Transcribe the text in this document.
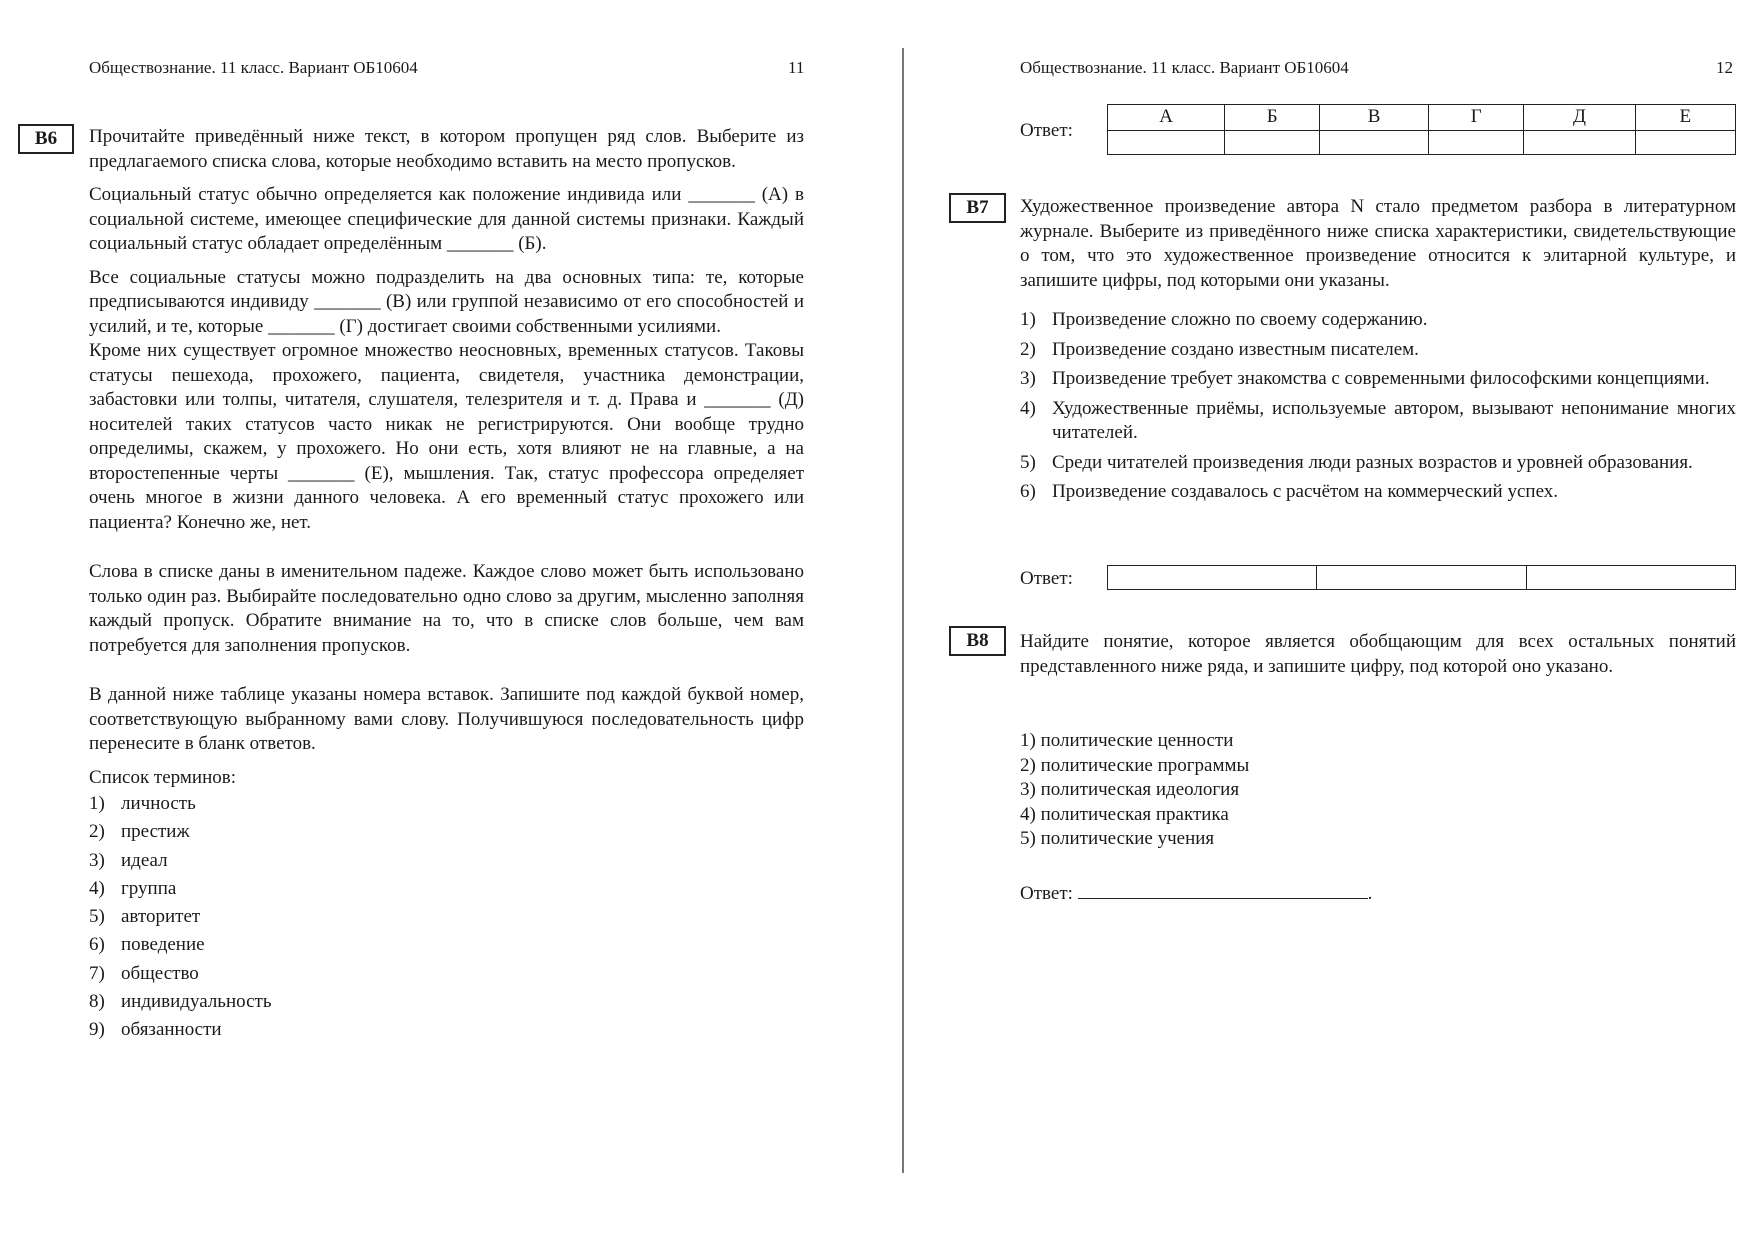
Обществознание. 11 класс. Вариант ОБ10604	11
В6	Прочитайте приведённый ниже текст, в котором пропущен ряд слов. Выберите из предлагаемого списка слова, которые необходимо вставить на место пропусков.

Социальный статус обычно определяется как положение индивида или _______ (А) в социальной системе, имеющее специфические для данной системы признаки. Каждый социальный статус обладает определённым _______ (Б).

Все социальные статусы можно подразделить на два основных типа: те, которые предписываются индивиду _______ (В) или группой независимо от его способностей и усилий, и те, которые _______ (Г) достигает своими собственными усилиями.

Кроме них существует огромное множество неосновных, временных статусов. Таковы статусы пешехода, прохожего, пациента, свидетеля, участника демонстрации, забастовки или толпы, читателя, слушателя, телезрителя и т. д. Права и _______ (Д) носителей таких статусов часто никак не регистрируются. Они вообще трудно определимы, скажем, у прохожего. Но они есть, хотя влияют не на главные, а на второстепенные черты _______ (Е), мышления. Так, статус профессора определяет очень многое в жизни данного человека. А его временный статус прохожего или пациента? Конечно же, нет.

Слова в списке даны в именительном падеже. Каждое слово может быть использовано только один раз. Выбирайте последовательно одно слово за другим, мысленно заполняя каждый пропуск. Обратите внимание на то, что в списке слов больше, чем вам потребуется для заполнения пропусков.

В данной ниже таблице указаны номера вставок. Запишите под каждой буквой номер, соответствующую выбранному вами слову. Получившуюся последовательность цифр перенесите в бланк ответов.

Список терминов:

1) личность
2) престиж
3) идеал
4) группа
5) авторитет
6) поведение
7) общество
8) индивидуальность
9) обязанности
Обществознание. 11 класс. Вариант ОБ10604	12
Ответ:
А	Б	В	Г	Д	Е

В7	Художественное произведение автора N стало предметом разбора в литературном журнале. Выберите из приведённого ниже списка характеристики, свидетельствующие о том, что это художественное произведение относится к элитарной культуре, и запишите цифры, под которыми они указаны.

1) Произведение сложно по своему содержанию.
2) Произведение создано известным писателем.
3) Произведение требует знакомства с современными философскими концепциями.
4) Художественные приёмы, используемые автором, вызывают непонимание многих читателей.
5) Среди читателей произведения люди разных возрастов и уровней образования.
6) Произведение создавалось с расчётом на коммерческий успех.
Ответ:

В8	Найдите понятие, которое является обобщающим для всех остальных понятий представленного ниже ряда, и запишите цифру, под которой оно указано.

1) политические ценности
2) политические программы
3) политическая идеология
4) политическая практика
5) политические учения
Ответ:	.
